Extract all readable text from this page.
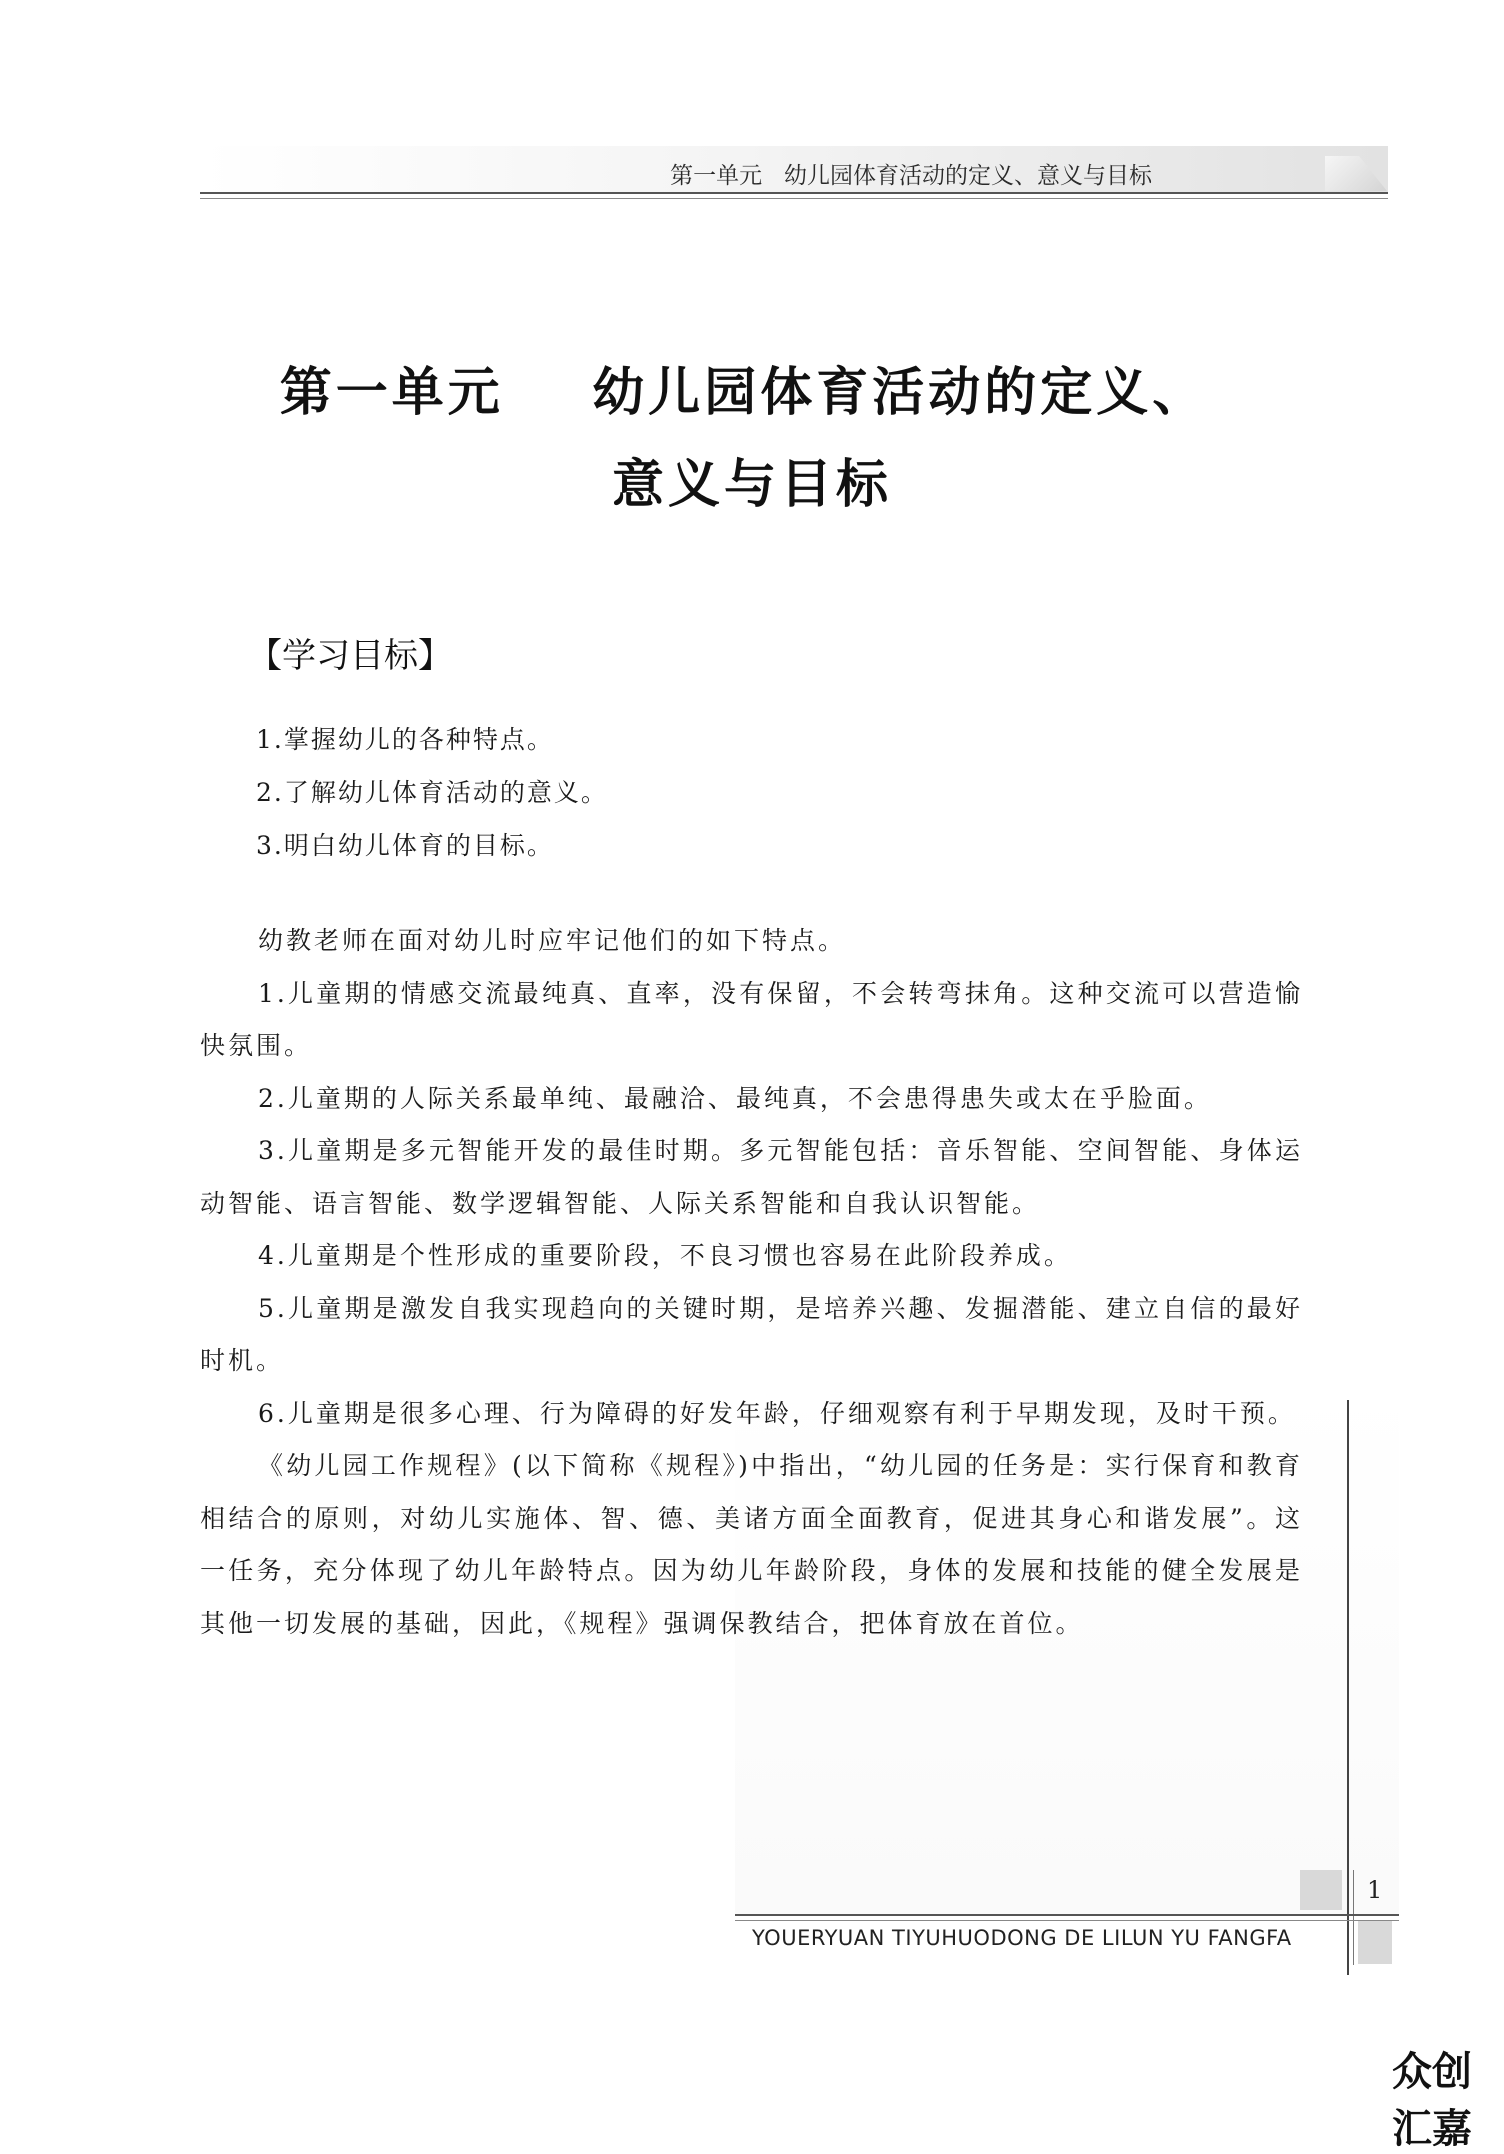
第一单元   幼儿园体育活动的定义、意义与目标
第一单元    幼儿园体育活动的定义、
意义与目标
【学习目标】
1.掌握幼儿的各种特点。
2.了解幼儿体育活动的意义。
3.明白幼儿体育的目标。

幼教老师在面对幼儿时应牢记他们的如下特点。

1.儿童期的情感交流最纯真、直率，没有保留，不会转弯抹角。这种交流可以营造愉快氛围。

2.儿童期的人际关系最单纯、最融洽、最纯真，不会患得患失或太在乎脸面。

3.儿童期是多元智能开发的最佳时期。多元智能包括：音乐智能、空间智能、身体运动智能、语言智能、数学逻辑智能、人际关系智能和自我认识智能。

4.儿童期是个性形成的重要阶段，不良习惯也容易在此阶段养成。

5.儿童期是激发自我实现趋向的关键时期，是培养兴趣、发掘潜能、建立自信的最好时机。

6.儿童期是很多心理、行为障碍的好发年龄，仔细观察有利于早期发现，及时干预。

《幼儿园工作规程》(以下简称《规程》)中指出，“幼儿园的任务是：实行保育和教育相结合的原则，对幼儿实施体、智、德、美诸方面全面教育，促进其身心和谐发展”。这一任务，充分体现了幼儿年龄特点。因为幼儿年龄阶段，身体的发展和技能的健全发展是其他一切发展的基础，因此，《规程》强调保教结合，把体育放在首位。

1
YOUERYUAN TIYUHUODONG DE LILUN YU FANGFA
众创汇嘉
